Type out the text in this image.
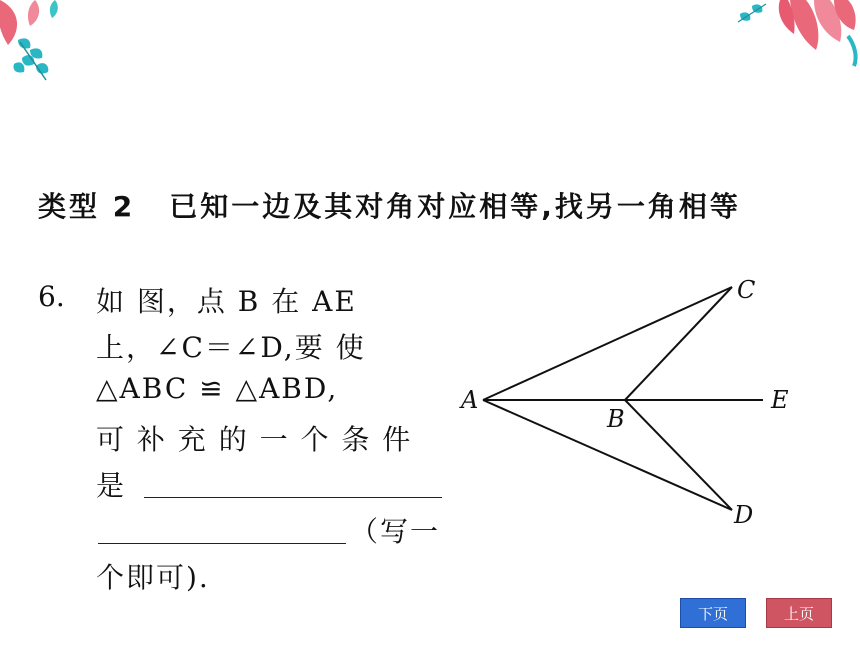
类型 2 已知一边及其对角对应相等,找另一角相等
6. 如 图，点 B 在 AE
上，∠C＝∠D,要 使
△ABC ≌ △ABD,
可 补 充 的 一 个 条 件
是
（写一
个即可).
A
B
C
D
E
下页	上页
